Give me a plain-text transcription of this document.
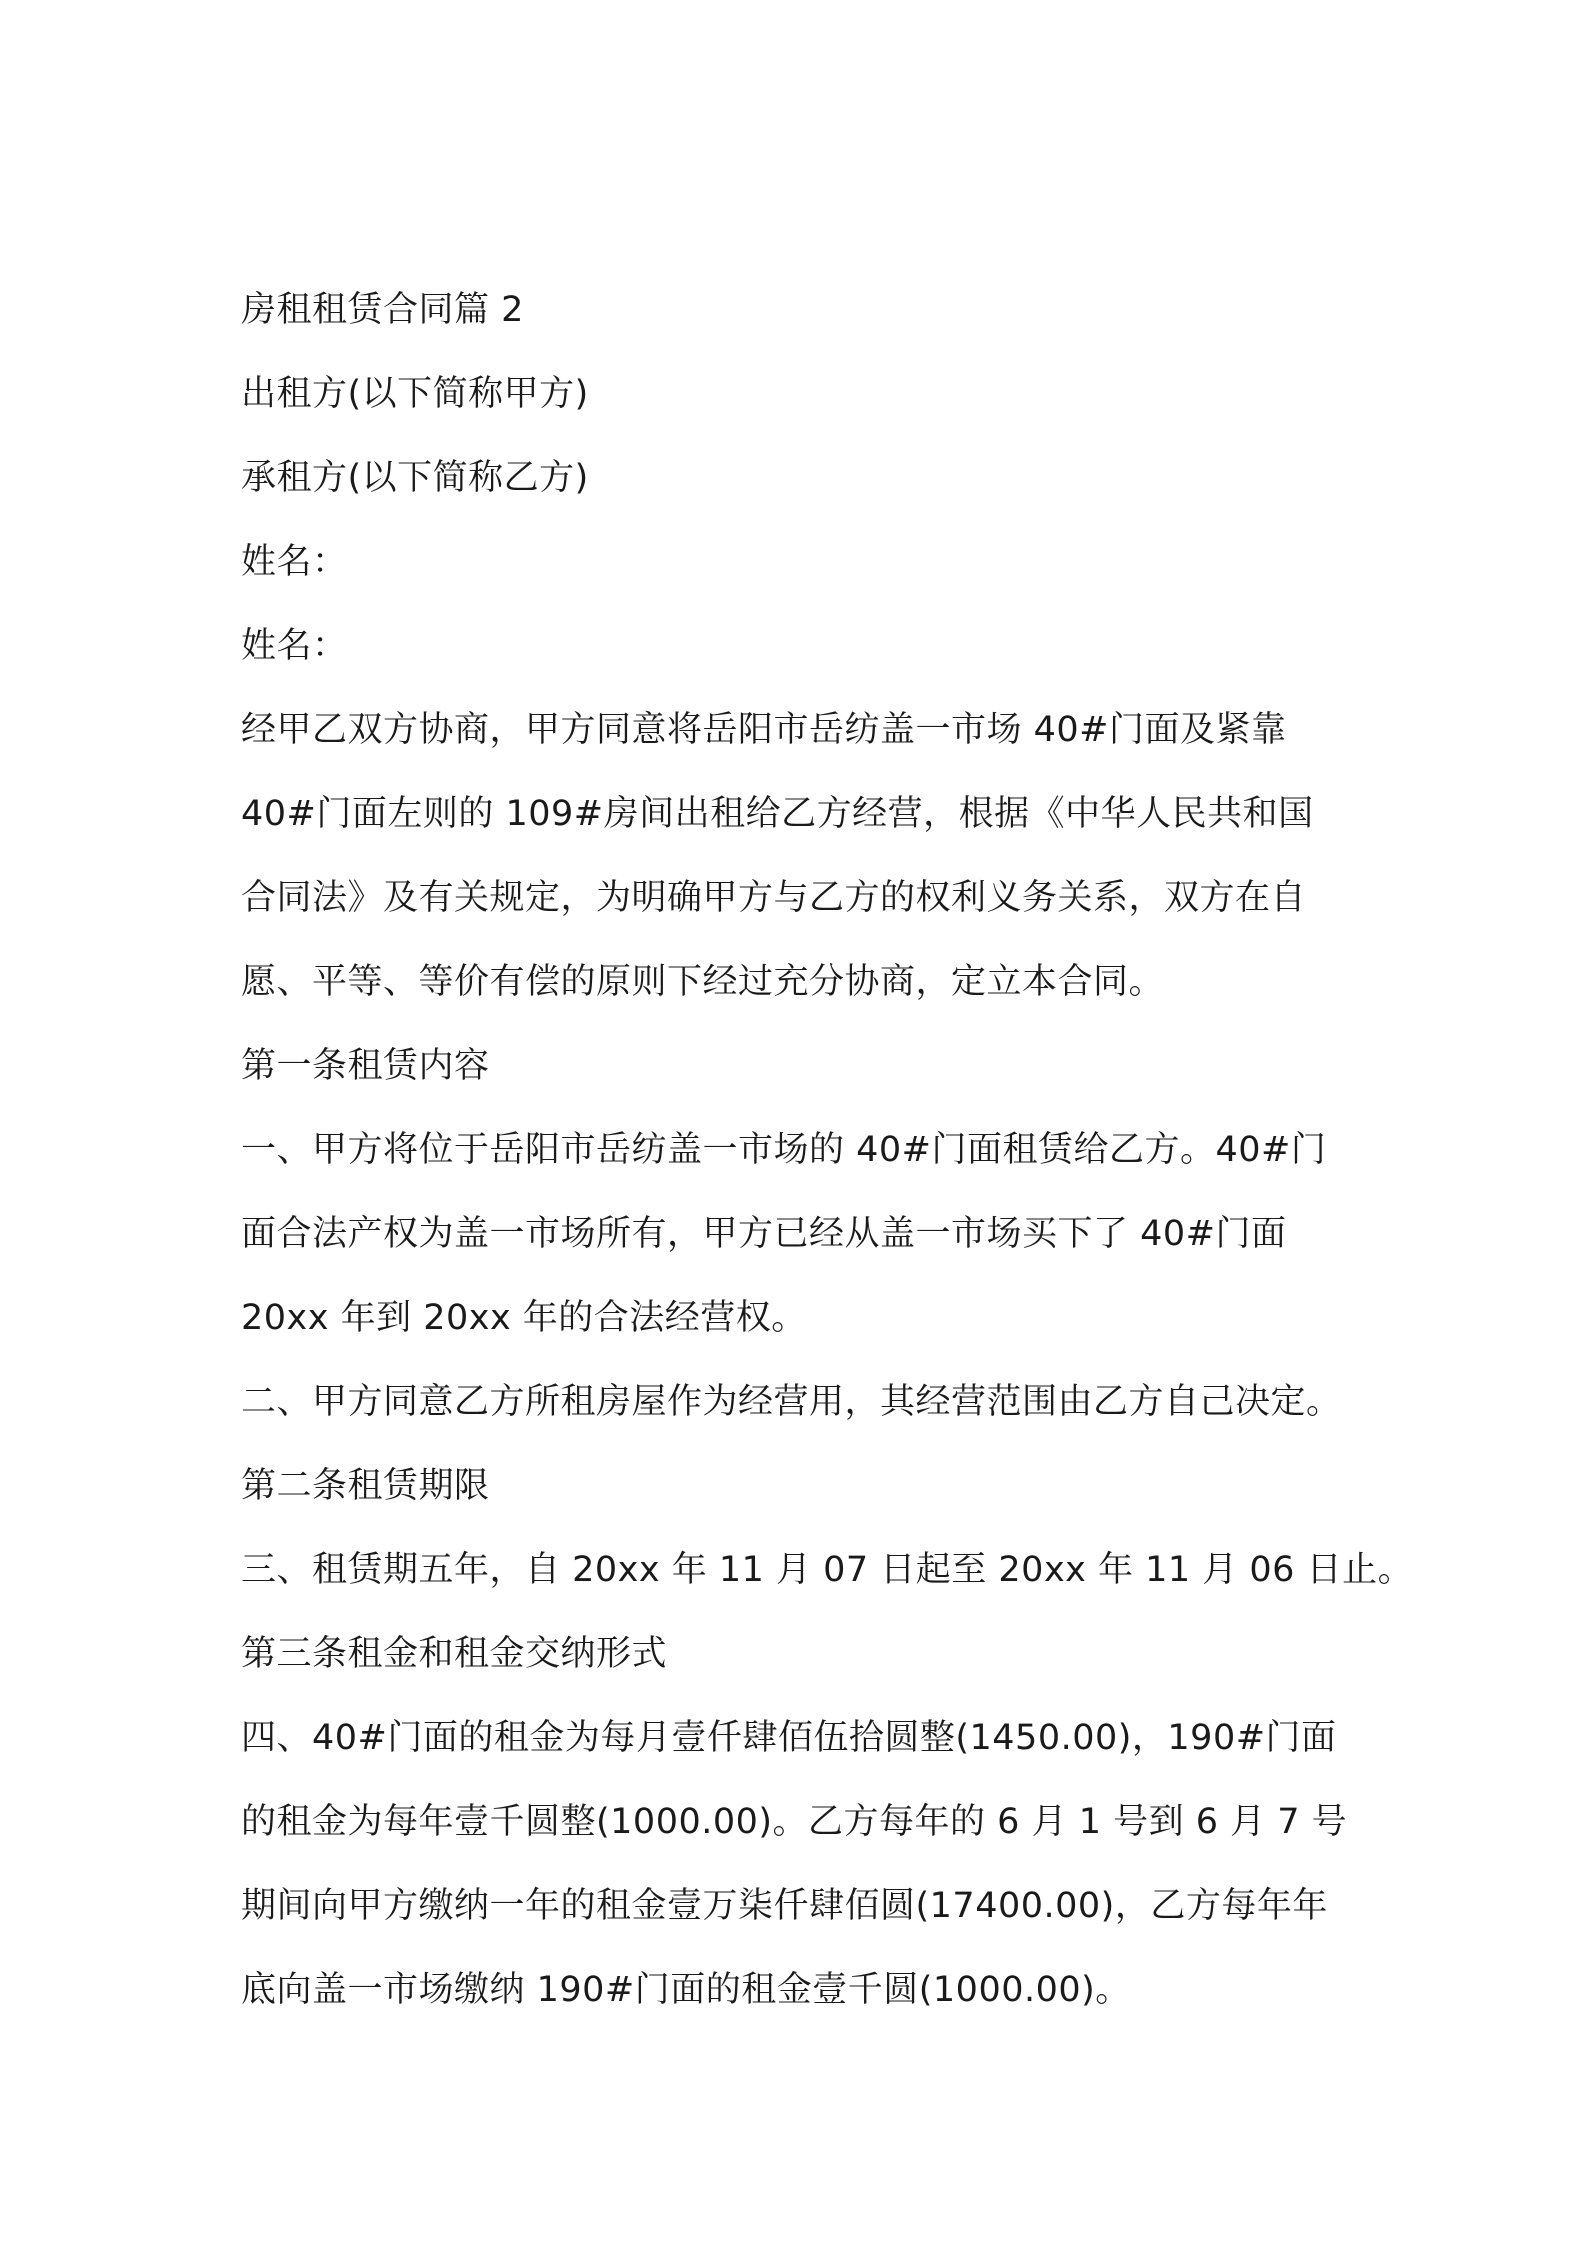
房租租赁合同篇 2
出租方(以下简称甲方)
承租方(以下简称乙方)
姓名：
姓名：
经甲乙双方协商，甲方同意将岳阳市岳纺盖一市场 40#门面及紧靠
40#门面左则的 109#房间出租给乙方经营，根据《中华人民共和国
合同法》及有关规定，为明确甲方与乙方的权利义务关系，双方在自
愿、平等、等价有偿的原则下经过充分协商，定立本合同。
第一条租赁内容
一、甲方将位于岳阳市岳纺盖一市场的 40#门面租赁给乙方。40#门
面合法产权为盖一市场所有，甲方已经从盖一市场买下了 40#门面
20xx 年到 20xx 年的合法经营权。
二、甲方同意乙方所租房屋作为经营用，其经营范围由乙方自己决定。
第二条租赁期限
三、租赁期五年，自 20xx 年 11 月 07 日起至 20xx 年 11 月 06 日止。
第三条租金和租金交纳形式
四、40#门面的租金为每月壹仟肆佰伍拾圆整(1450.00)，190#门面
的租金为每年壹千圆整(1000.00)。乙方每年的 6 月 1 号到 6 月 7 号
期间向甲方缴纳一年的租金壹万柒仟肆佰圆(17400.00)，乙方每年年
底向盖一市场缴纳 190#门面的租金壹千圆(1000.00)。
